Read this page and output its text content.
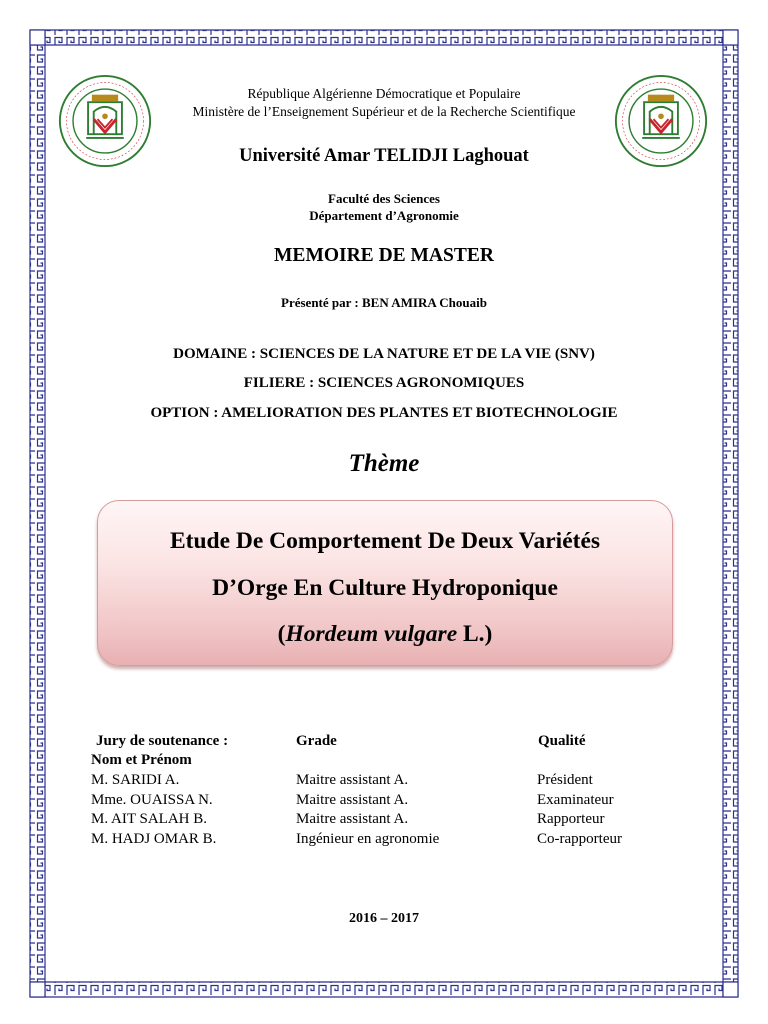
République Algérienne Démocratique et Populaire
Ministère de l’Enseignement Supérieur et de la Recherche Scientifique
Université Amar TELIDJI Laghouat
Faculté des Sciences
Département d’Agronomie
MEMOIRE DE MASTER
Présenté par : BEN AMIRA Chouaib
DOMAINE : SCIENCES DE LA NATURE ET DE LA VIE (SNV)
FILIERE : SCIENCES AGRONOMIQUES
OPTION : AMELIORATION DES PLANTES ET BIOTECHNOLOGIE
Thème
Etude De Comportement De Deux Variétés
D’Orge En Culture Hydroponique
(Hordeum vulgare L.)
Jury de soutenance :	Grade	Qualité
Nom et Prénom
M. SARIDI A.	Maitre assistant A.	Président
Mme. OUAISSA N.	Maitre assistant A.	Examinateur
M. AIT SALAH B.	Maitre assistant A.	Rapporteur
M. HADJ OMAR B.	Ingénieur en agronomie	Co-rapporteur
2016 – 2017
